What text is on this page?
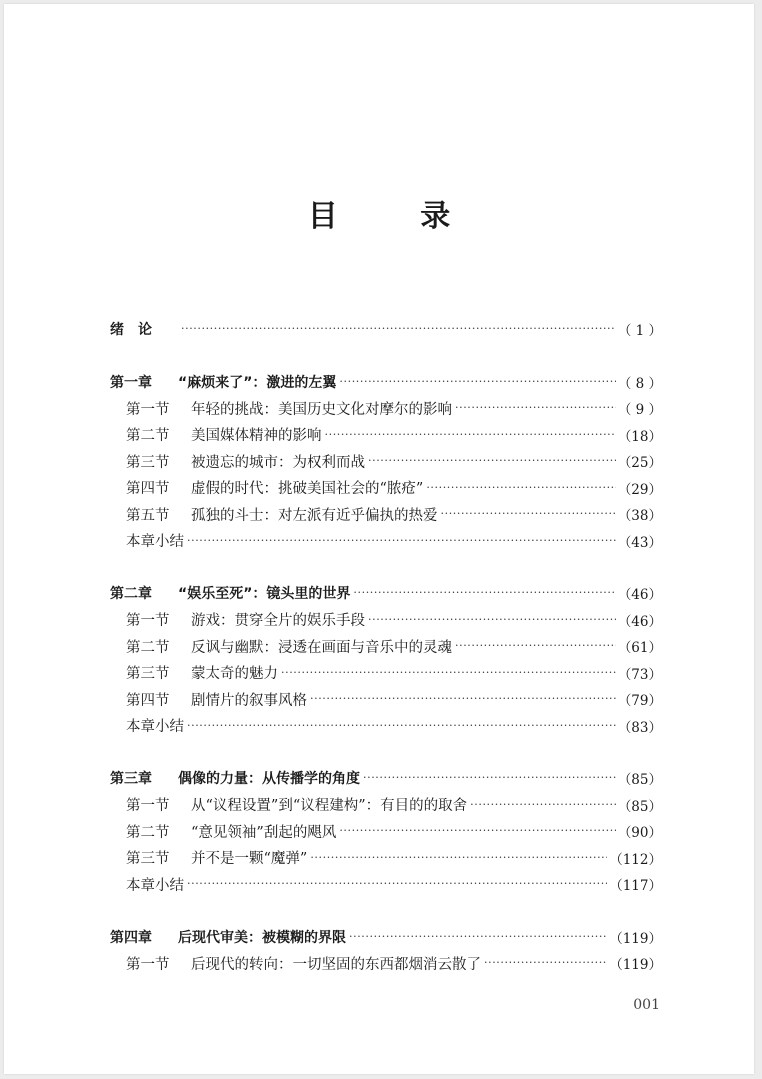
目 录
绪　论 ·····	（ 1 ）
第一章 “麻烦来了”：激进的左翼 ·····	（ 8 ）
第一节 年轻的挑战：美国历史文化对摩尔的影响 ·····	（ 9 ）
第二节 美国媒体精神的影响 ·····	（18）
第三节 被遗忘的城市：为权利而战 ·····	（25）
第四节 虚假的时代：挑破美国社会的“脓疮” ·····	（29）
第五节 孤独的斗士：对左派有近乎偏执的热爱 ·····	（38）
本章小结 ·····	（43）
第二章 “娱乐至死”：镜头里的世界 ·····	（46）
第一节 游戏：贯穿全片的娱乐手段 ·····	（46）
第二节 反讽与幽默：浸透在画面与音乐中的灵魂 ·····	（61）
第三节 蒙太奇的魅力 ·····	（73）
第四节 剧情片的叙事风格 ·····	（79）
本章小结 ·····	（83）
第三章 偶像的力量：从传播学的角度 ·····	（85）
第一节 从“议程设置”到“议程建构”：有目的的取舍 ·····	（85）
第二节 “意见领袖”刮起的飓风 ·····	（90）
第三节 并不是一颗“魔弹” ·····	（112）
本章小结 ·····	（117）
第四章 后现代审美：被模糊的界限 ·····	（119）
第一节 后现代的转向：一切坚固的东西都烟消云散了 ·····	（119）
001
